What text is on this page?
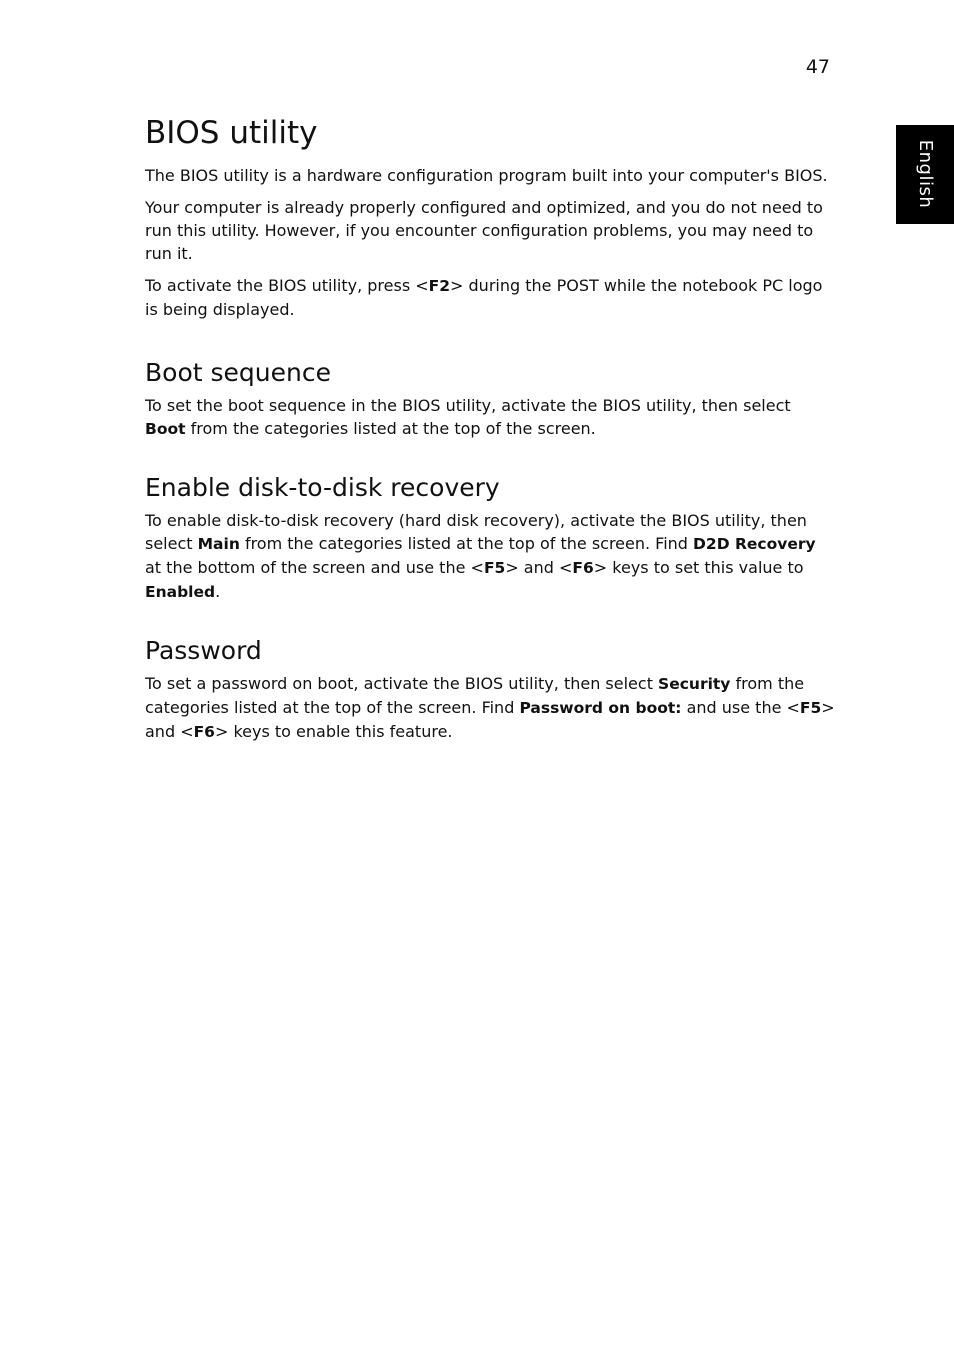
47
English
BIOS utility

The BIOS utility is a hardware configuration program built into your computer's BIOS.

Your computer is already properly configured and optimized, and you do not need to run this utility. However, if you encounter configuration problems, you may need to run it.

To activate the BIOS utility, press <F2> during the POST while the notebook PC logo is being displayed.

Boot sequence

To set the boot sequence in the BIOS utility, activate the BIOS utility, then select Boot from the categories listed at the top of the screen.

Enable disk-to-disk recovery

To enable disk-to-disk recovery (hard disk recovery), activate the BIOS utility, then select Main from the categories listed at the top of the screen. Find D2D Recovery at the bottom of the screen and use the <F5> and <F6> keys to set this value to Enabled.

Password

To set a password on boot, activate the BIOS utility, then select Security from the categories listed at the top of the screen. Find Password on boot: and use the <F5> and <F6> keys to enable this feature.
